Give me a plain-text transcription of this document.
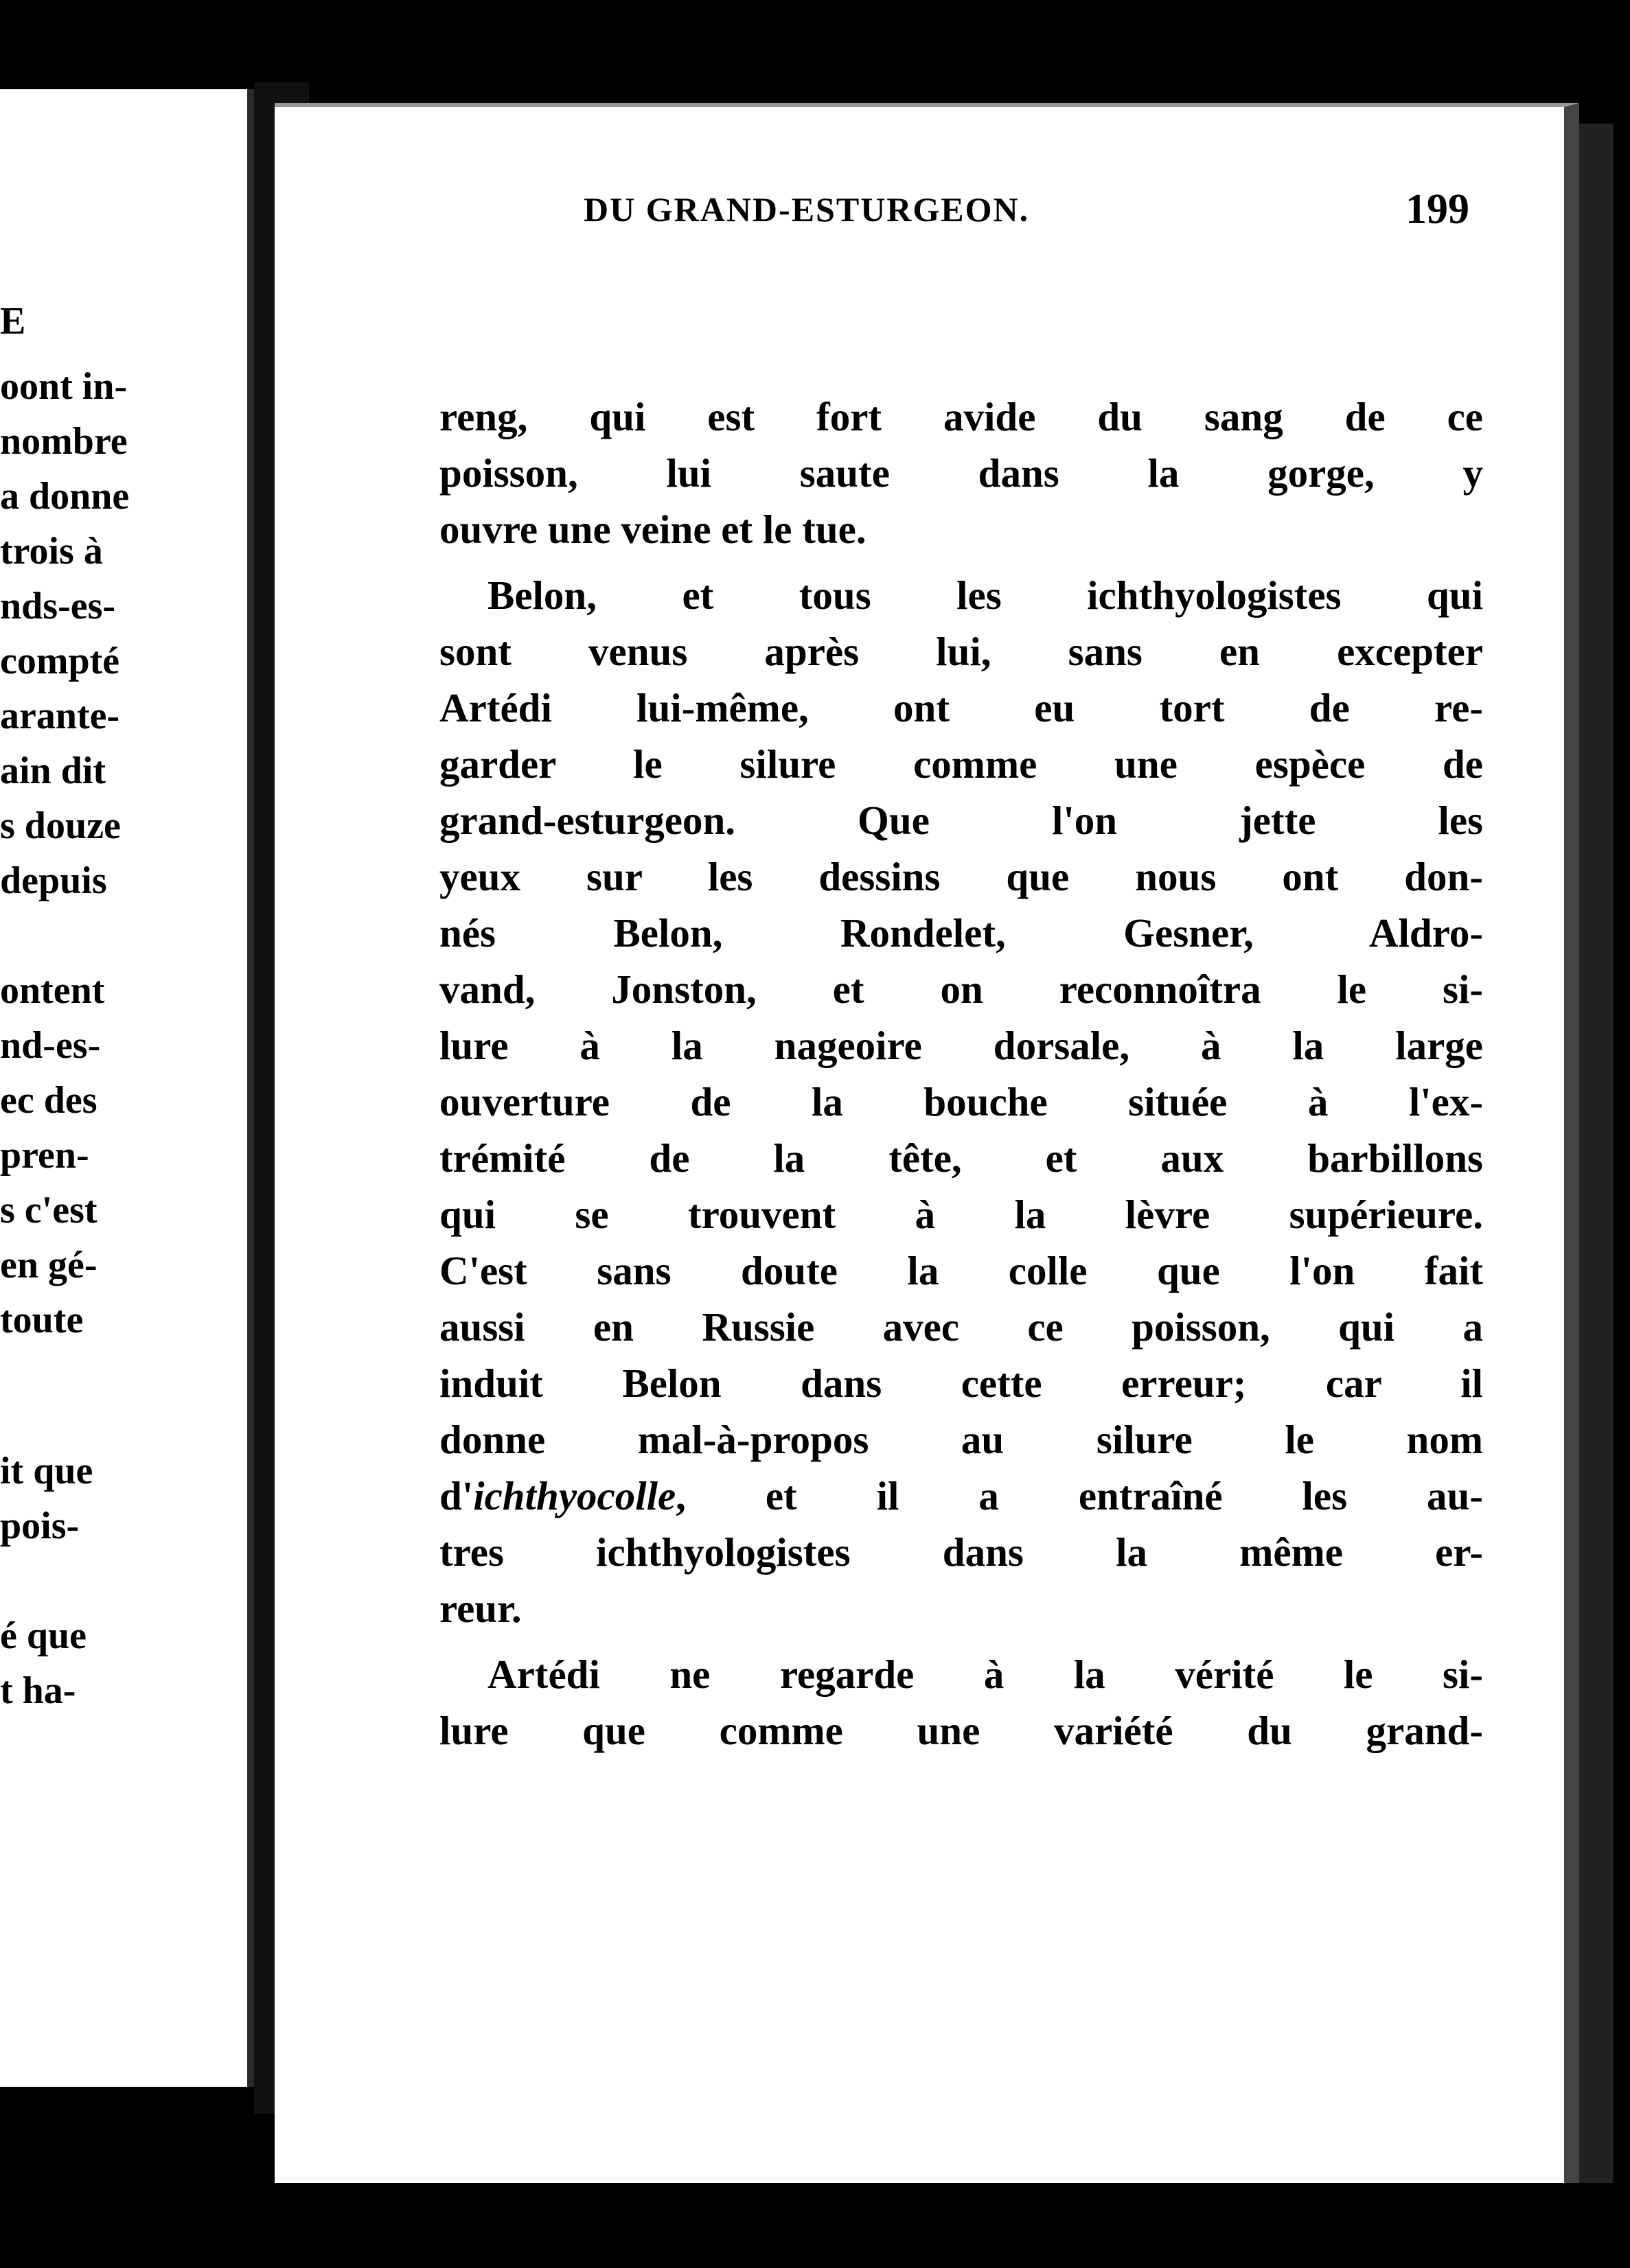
E
oont in-
nombre
a donne
trois à
nds-es-
compté
arante-
ain dit
s douze
depuis
ontent
nd-es-
ec des
pren-
s c'est
en gé-
toute
it que
pois-
é que
t ha-
DU GRAND-ESTURGEON.	199
reng, qui est fort avide du sang de ce
poisson, lui saute dans la gorge, y
ouvre une veine et le tue.
Belon, et tous les ichthyologistes qui
sont venus après lui, sans en excepter
Artédi lui-même, ont eu tort de re-
garder le silure comme une espèce de
grand-esturgeon. Que l'on jette les
yeux sur les dessins que nous ont don-
nés Belon, Rondelet, Gesner, Aldro-
vand, Jonston, et on reconnoîtra le si-
lure à la nageoire dorsale, à la large
ouverture de la bouche située à l'ex-
trémité de la tête, et aux barbillons
qui se trouvent à la lèvre supérieure.
C'est sans doute la colle que l'on fait
aussi en Russie avec ce poisson, qui a
induit Belon dans cette erreur; car il
donne mal-à-propos au silure le nom
d'ichthyocolle, et il a entraîné les au-
tres ichthyologistes dans la même er-
reur.
Artédi ne regarde à la vérité le si-
lure que comme une variété du grand-
